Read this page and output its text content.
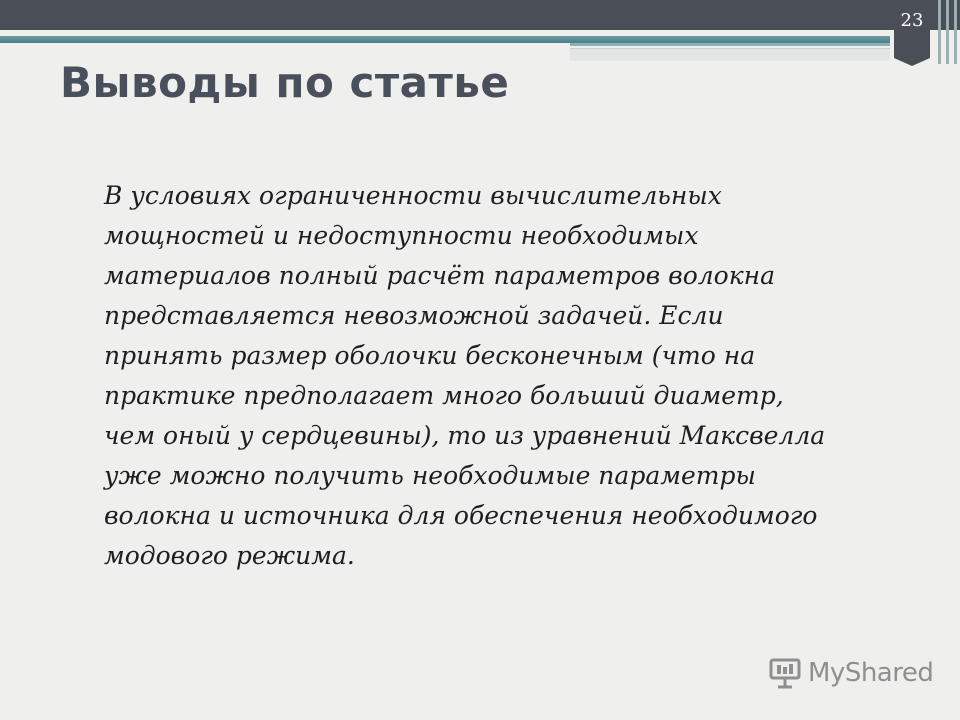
23
Выводы по статье

В условиях ограниченности вычислительных
мощностей и недоступности необходимых
материалов полный расчёт параметров волокна
представляется невозможной задачей. Если
принять размер оболочки бесконечным (что на
практике предполагает много больший диаметр,
чем оный у сердцевины), то из уравнений Максвелла
уже можно получить необходимые параметры
волокна и источника для обеспечения необходимого
модового режима.

MyShared
